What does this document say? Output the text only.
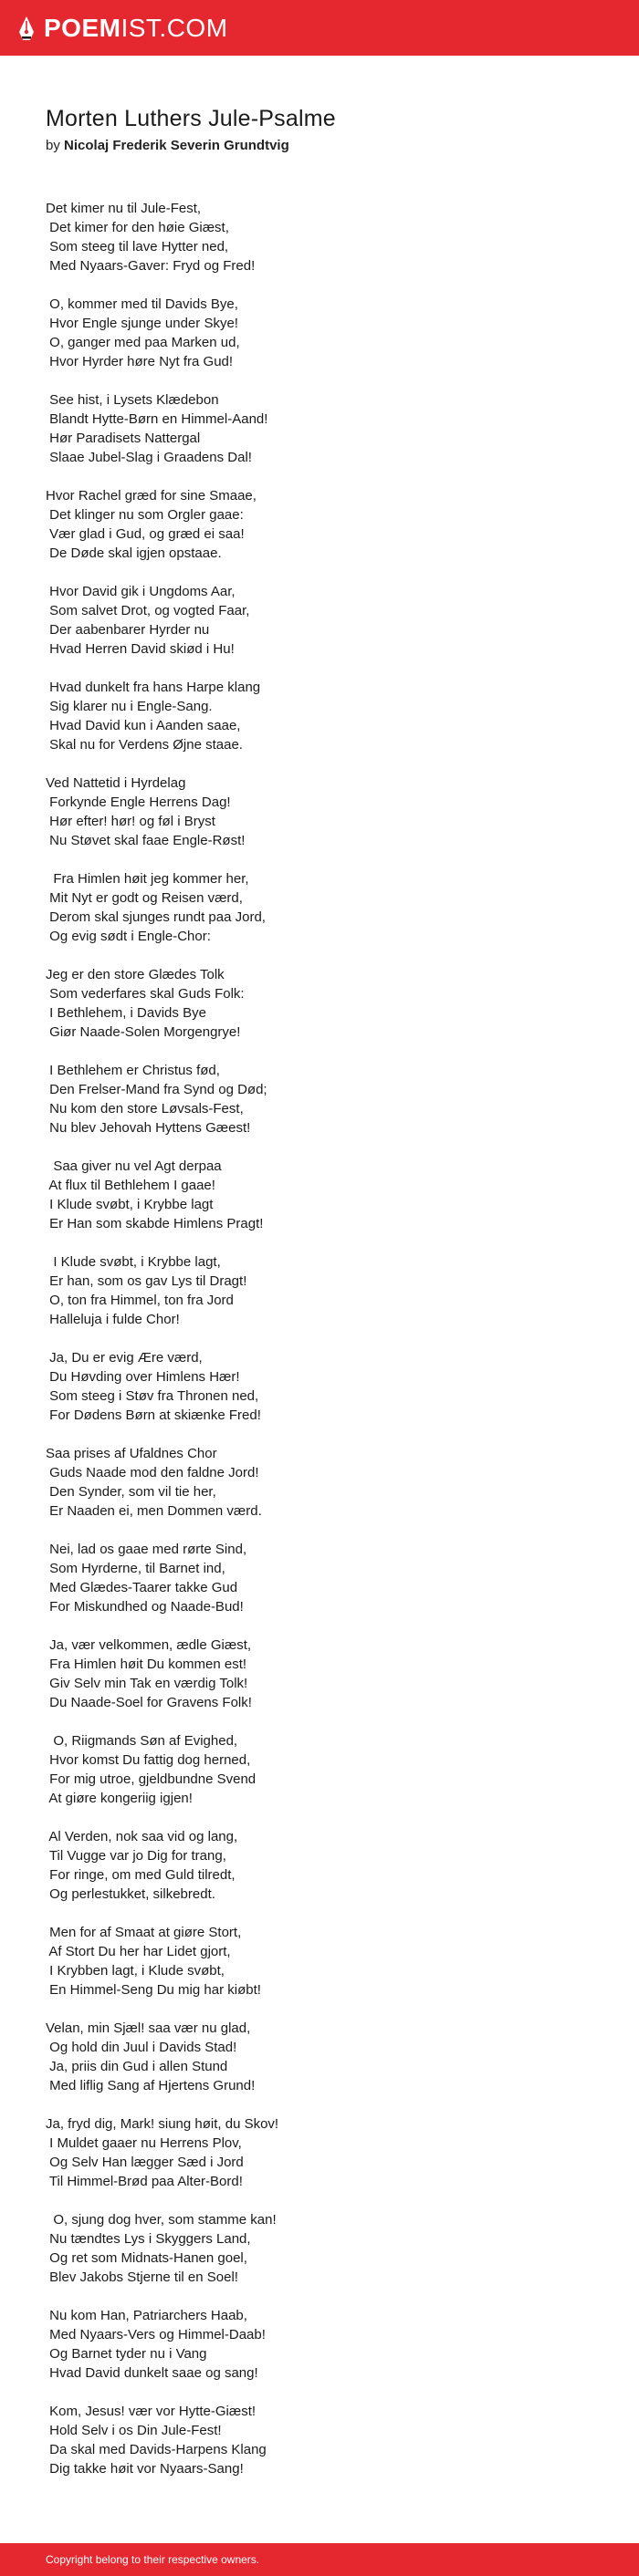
POEMIST.COM
Morten Luthers Jule-Psalme
by Nicolaj Frederik Severin Grundtvig
Det kimer nu til Jule-Fest,
Det kimer for den høie Giæst,
Som steeg til lave Hytter ned,
Med Nyaars-Gaver: Fryd og Fred!
O, kommer med til Davids Bye,
Hvor Engle sjunge under Skye!
O, ganger med paa Marken ud,
Hvor Hyrder høre Nyt fra Gud!
See hist, i Lysets Klædebon
Blandt Hytte-Børn en Himmel-Aand!
Hør Paradisets Nattergal
Slaae Jubel-Slag i Graadens Dal!
Hvor Rachel græd for sine Smaae,
Det klinger nu som Orgler gaae:
Vær glad i Gud, og græd ei saa!
De Døde skal igjen opstaae.
Hvor David gik i Ungdoms Aar,
Som salvet Drot, og vogted Faar,
Der aabenbarer Hyrder nu
Hvad Herren David skiød i Hu!
Hvad dunkelt fra hans Harpe klang
Sig klarer nu i Engle-Sang.
Hvad David kun i Aanden saae,
Skal nu for Verdens Øjne staae.
Ved Nattetid i Hyrdelag
Forkynde Engle Herrens Dag!
Hør efter! hør! og føl i Bryst
Nu Støvet skal faae Engle-Røst!
Fra Himlen høit jeg kommer her,
Mit Nyt er godt og Reisen værd,
Derom skal sjunges rundt paa Jord,
Og evig sødt i Engle-Chor:
Jeg er den store Glædes Tolk
Som vederfares skal Guds Folk:
I Bethlehem, i Davids Bye
Giør Naade-Solen Morgengrye!
I Bethlehem er Christus fød,
Den Frelser-Mand fra Synd og Død;
Nu kom den store Løvsals-Fest,
Nu blev Jehovah Hyttens Gæest!
Saa giver nu vel Agt derpaa
At flux til Bethlehem I gaae!
I Klude svøbt, i Krybbe lagt
Er Han som skabde Himlens Pragt!
I Klude svøbt, i Krybbe lagt,
Er han, som os gav Lys til Dragt!
O, ton fra Himmel, ton fra Jord
Halleluja i fulde Chor!
Ja, Du er evig Ære værd,
Du Høvding over Himlens Hær!
Som steeg i Støv fra Thronen ned,
For Dødens Børn at skiænke Fred!
Saa prises af Ufaldnes Chor
Guds Naade mod den faldne Jord!
Den Synder, som vil tie her,
Er Naaden ei, men Dommen værd.
Nei, lad os gaae med rørte Sind,
Som Hyrderne, til Barnet ind,
Med Glædes-Taarer takke Gud
For Miskundhed og Naade-Bud!
Ja, vær velkommen, ædle Giæst,
Fra Himlen høit Du kommen est!
Giv Selv min Tak en værdig Tolk!
Du Naade-Soel for Gravens Folk!
O, Riigmands Søn af Evighed,
Hvor komst Du fattig dog herned,
For mig utroe, gjeldbundne Svend
At giøre kongeriig igjen!
Al Verden, nok saa vid og lang,
Til Vugge var jo Dig for trang,
For ringe, om med Guld tilredt,
Og perlestukket, silkebredt.
Men for af Smaat at giøre Stort,
Af Stort Du her har Lidet gjort,
I Krybben lagt, i Klude svøbt,
En Himmel-Seng Du mig har kiøbt!
Velan, min Sjæl! saa vær nu glad,
Og hold din Juul i Davids Stad!
Ja, priis din Gud i allen Stund
Med liflig Sang af Hjertens Grund!
Ja, fryd dig, Mark! siung høit, du Skov!
I Muldet gaaer nu Herrens Plov,
Og Selv Han lægger Sæd i Jord
Til Himmel-Brød paa Alter-Bord!
O, sjung dog hver, som stamme kan!
Nu tændtes Lys i Skyggers Land,
Og ret som Midnats-Hanen goel,
Blev Jakobs Stjerne til en Soel!
Nu kom Han, Patriarchers Haab,
Med Nyaars-Vers og Himmel-Daab!
Og Barnet tyder nu i Vang
Hvad David dunkelt saae og sang!
Kom, Jesus! vær vor Hytte-Giæst!
Hold Selv i os Din Jule-Fest!
Da skal med Davids-Harpens Klang
Dig takke høit vor Nyaars-Sang!
Copyright belong to their respective owners.
